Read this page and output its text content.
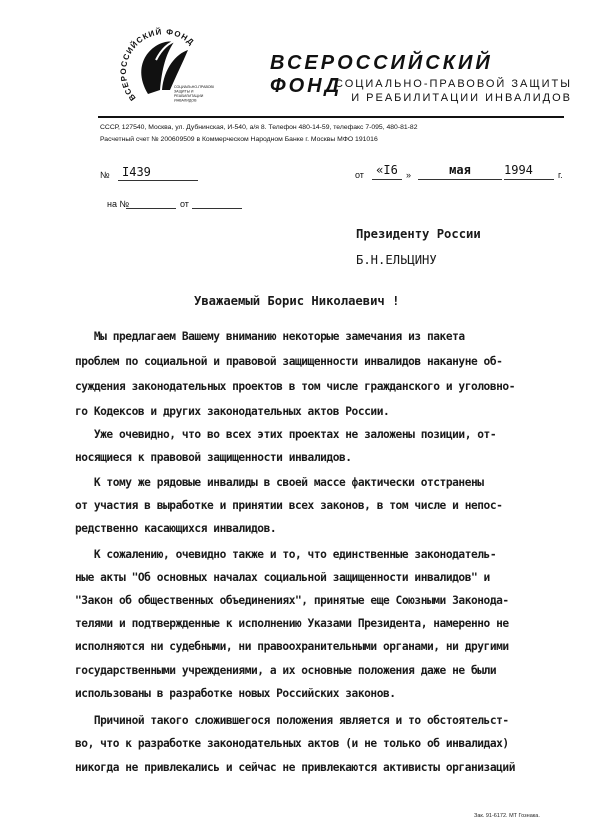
ВСЕРОССИЙСКИЙ ФОНД
СОЦИАЛЬНО-ПРАВОВОЙ
ЗАЩИТЫ И
РЕАБИЛИТАЦИИ
ИНВАЛИДОВ
ВСЕРОССИЙСКИЙ ФОНД
СОЦИАЛЬНО-ПРАВОВОЙ ЗАЩИТЫ
И РЕАБИЛИТАЦИИ ИНВАЛИДОВ
СССР, 127540, Москва, ул. Дубнинская, И-540, а/я 8. Телефон 480-14-59, телефакс 7-095, 480-81-82
Расчетный счет № 200609509 в Коммерческом Народном Банке г. Москвы МФО 191016
№	I439	от	«I6 »	мая	1994	г.
на №	от
Президенту России
Б.Н.ЕЛЬЦИНУ
Уважаемый Борис Николаевич !
Мы предлагаем Вашему вниманию некоторые замечания из пакета
проблем по социальной и правовой защищенности инвалидов накануне об-
суждения законодательных проектов в том числе гражданского и уголовно-
го Кодексов и других законодательных актов России.
Уже очевидно, что во всех этих проектах не заложены позиции, от-
носящиеся к правовой защищенности инвалидов.
К тому же рядовые инвалиды в своей массе фактически отстранены
от участия в выработке и принятии всех законов, в том числе и непос-
редственно касающихся инвалидов.
К сожалению, очевидно также и то, что единственные законодатель-
ные акты "Об основных началах социальной защищенности инвалидов" и
"Закон об общественных объединениях", принятые еще Союзными Законода-
телями и подтвержденные к исполнению Указами Президента, намеренно не
исполняются ни судебными, ни правоохранительными органами, ни другими
государственными учреждениями, а их основные положения даже не были
использованы в разработке новых Российских законов.
Причиной такого сложившегося положения является и то обстоятельст-
во, что к разработке законодательных актов (и не только об инвалидах)
никогда не привлекались и сейчас не привлекаются активисты организаций
Зак. 91-6172. МТ Гознака.
